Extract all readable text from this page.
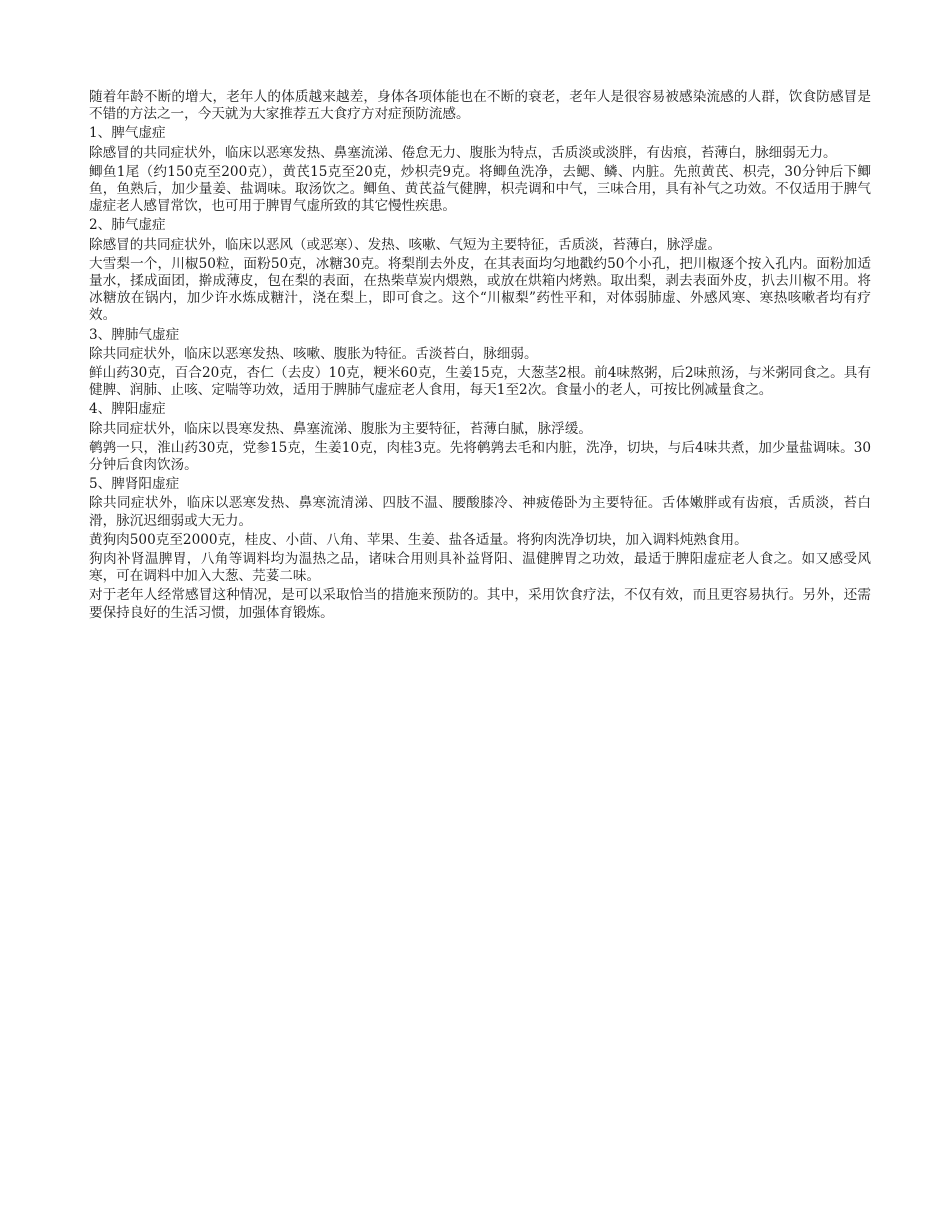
随着年龄不断的增大，老年人的体质越来越差，身体各项体能也在不断的衰老，老年人是很容易被感染流感的人群，饮食防感冒是不错的方法之一，今天就为大家推荐五大食疗方对症预防流感。

1、脾气虚症

除感冒的共同症状外，临床以恶寒发热、鼻塞流涕、倦怠无力、腹胀为特点，舌质淡或淡胖，有齿痕，苔薄白，脉细弱无力。

鲫鱼1尾（约150克至200克），黄芪15克至20克，炒枳壳9克。将鲫鱼洗净，去鳃、鳞、内脏。先煎黄芪、枳壳，30分钟后下鲫鱼，鱼熟后，加少量姜、盐调味。取汤饮之。鲫鱼、黄芪益气健脾，枳壳调和中气，三味合用，具有补气之功效。不仅适用于脾气虚症老人感冒常饮，也可用于脾胃气虚所致的其它慢性疾患。

2、肺气虚症

除感冒的共同症状外，临床以恶风（或恶寒）、发热、咳嗽、气短为主要特征，舌质淡，苔薄白，脉浮虚。

大雪梨一个，川椒50粒，面粉50克，冰糖30克。将梨削去外皮，在其表面均匀地戳约50个小孔，把川椒逐个按入孔内。面粉加适量水，揉成面团，擀成薄皮，包在梨的表面，在热柴草炭内煨熟，或放在烘箱内烤熟。取出梨，剥去表面外皮，扒去川椒不用。将冰糖放在锅内，加少许水炼成糖汁，浇在梨上，即可食之。这个“川椒梨”药性平和，对体弱肺虚、外感风寒、寒热咳嗽者均有疗效。

3、脾肺气虚症

除共同症状外，临床以恶寒发热、咳嗽、腹胀为特征。舌淡苔白，脉细弱。

鲜山药30克，百合20克，杏仁（去皮）10克，粳米60克，生姜15克，大葱茎2根。前4味熬粥，后2味煎汤，与米粥同食之。具有健脾、润肺、止咳、定喘等功效，适用于脾肺气虚症老人食用，每天1至2次。食量小的老人，可按比例减量食之。

4、脾阳虚症

除共同症状外，临床以畏寒发热、鼻塞流涕、腹胀为主要特征，苔薄白腻，脉浮缓。

鹌鹑一只，淮山药30克，党参15克，生姜10克，肉桂3克。先将鹌鹑去毛和内脏，洗净，切块，与后4味共煮，加少量盐调味。30分钟后食肉饮汤。

5、脾肾阳虚症

除共同症状外，临床以恶寒发热、鼻寒流清涕、四肢不温、腰酸膝冷、神疲倦卧为主要特征。舌体嫩胖或有齿痕，舌质淡，苔白滑，脉沉迟细弱或大无力。

黄狗肉500克至2000克，桂皮、小茴、八角、苹果、生姜、盐各适量。将狗肉洗净切块，加入调料炖熟食用。

狗肉补肾温脾胃，八角等调料均为温热之品，诸味合用则具补益肾阳、温健脾胃之功效，最适于脾阳虚症老人食之。如又感受风寒，可在调料中加入大葱、芫荽二味。

对于老年人经常感冒这种情况，是可以采取恰当的措施来预防的。其中，采用饮食疗法，不仅有效，而且更容易执行。另外，还需要保持良好的生活习惯，加强体育锻炼。
